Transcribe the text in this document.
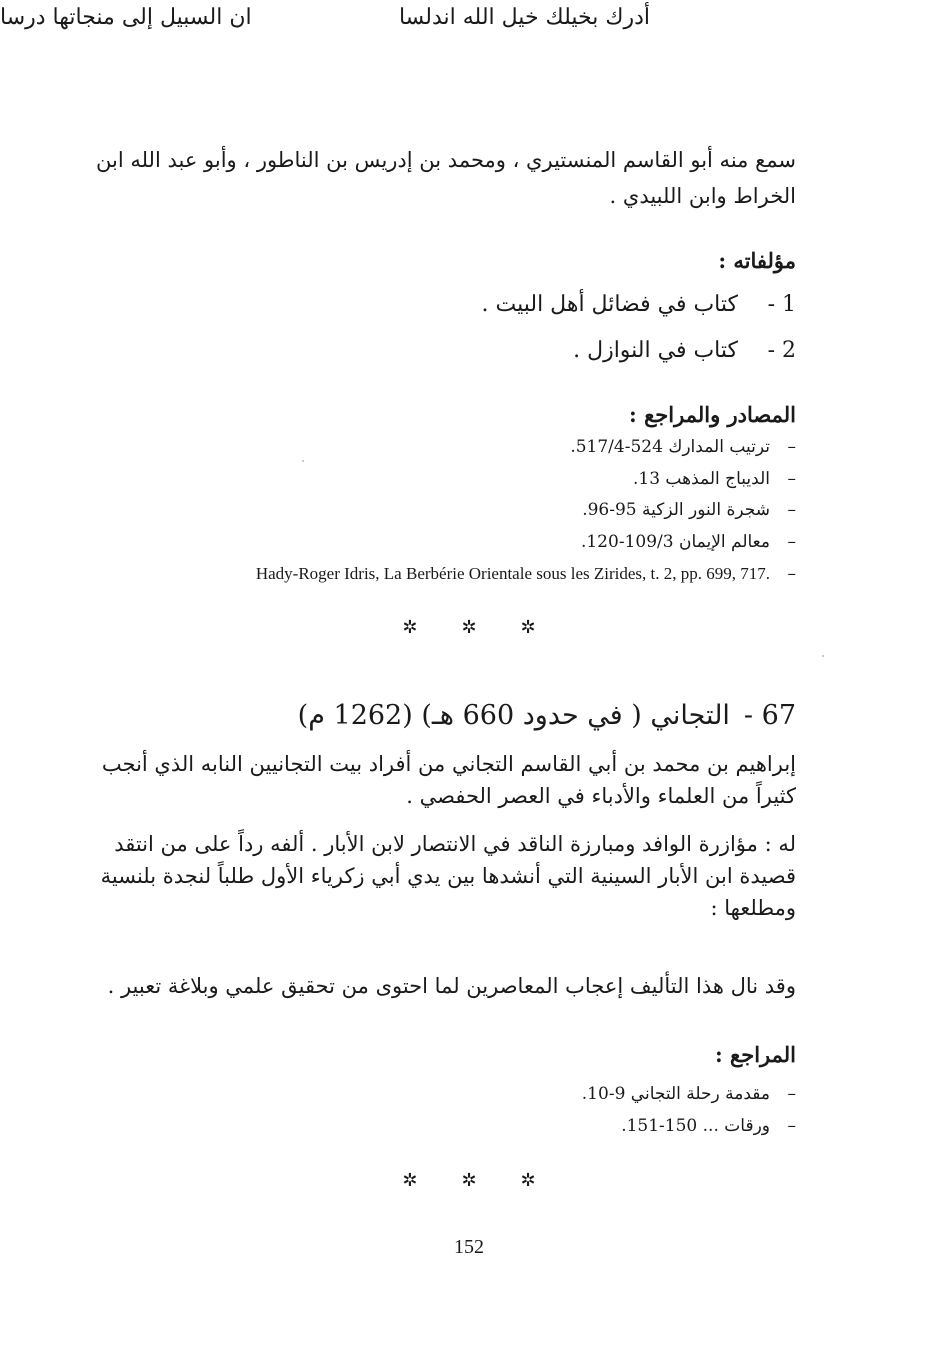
سمع منه أبو القاسم المنستيري ، ومحمد بن إدريس بن الناطور ، وأبو عبد الله ابن الخراط وابن اللبيدي .
مؤلفاته :
1 -كتاب في فضائل أهل البيت .
2 -كتاب في النوازل .
المصادر والمراجع :
–ترتيب المدارك 524-517/4.
–الديباج المذهب 13.
–شجرة النور الزكية 95-96.
–معالم الإيمان 109/3-120.
–.Hady-Roger Idris, La Berbérie Orientale sous les Zirides, t. 2, pp. 699, 717
✲ ✲ ✲
67 -التجاني ( في حدود 660 هـ) (1262 م)
إبراهيم بن محمد بن أبي القاسم التجاني من أفراد بيت التجانيين النابه الذي أنجب كثيراً من العلماء والأدباء في العصر الحفصي .
له : مؤازرة الوافد ومبارزة الناقد في الانتصار لابن الأبار . ألفه رداً على من انتقد قصيدة ابن الأبار السينية التي أنشدها بين يدي أبي زكرياء الأول طلباً لنجدة بلنسية ومطلعها :
أدرك بخيلك خيل الله اندلسا
ان السبيل إلى منجاتها درسا
وقد نال هذا التأليف إعجاب المعاصرين لما احتوى من تحقيق علمي وبلاغة تعبير .
المراجع :
–مقدمة رحلة التجاني 9-10.
–ورقات ... 150-151.
✲ ✲ ✲
152
